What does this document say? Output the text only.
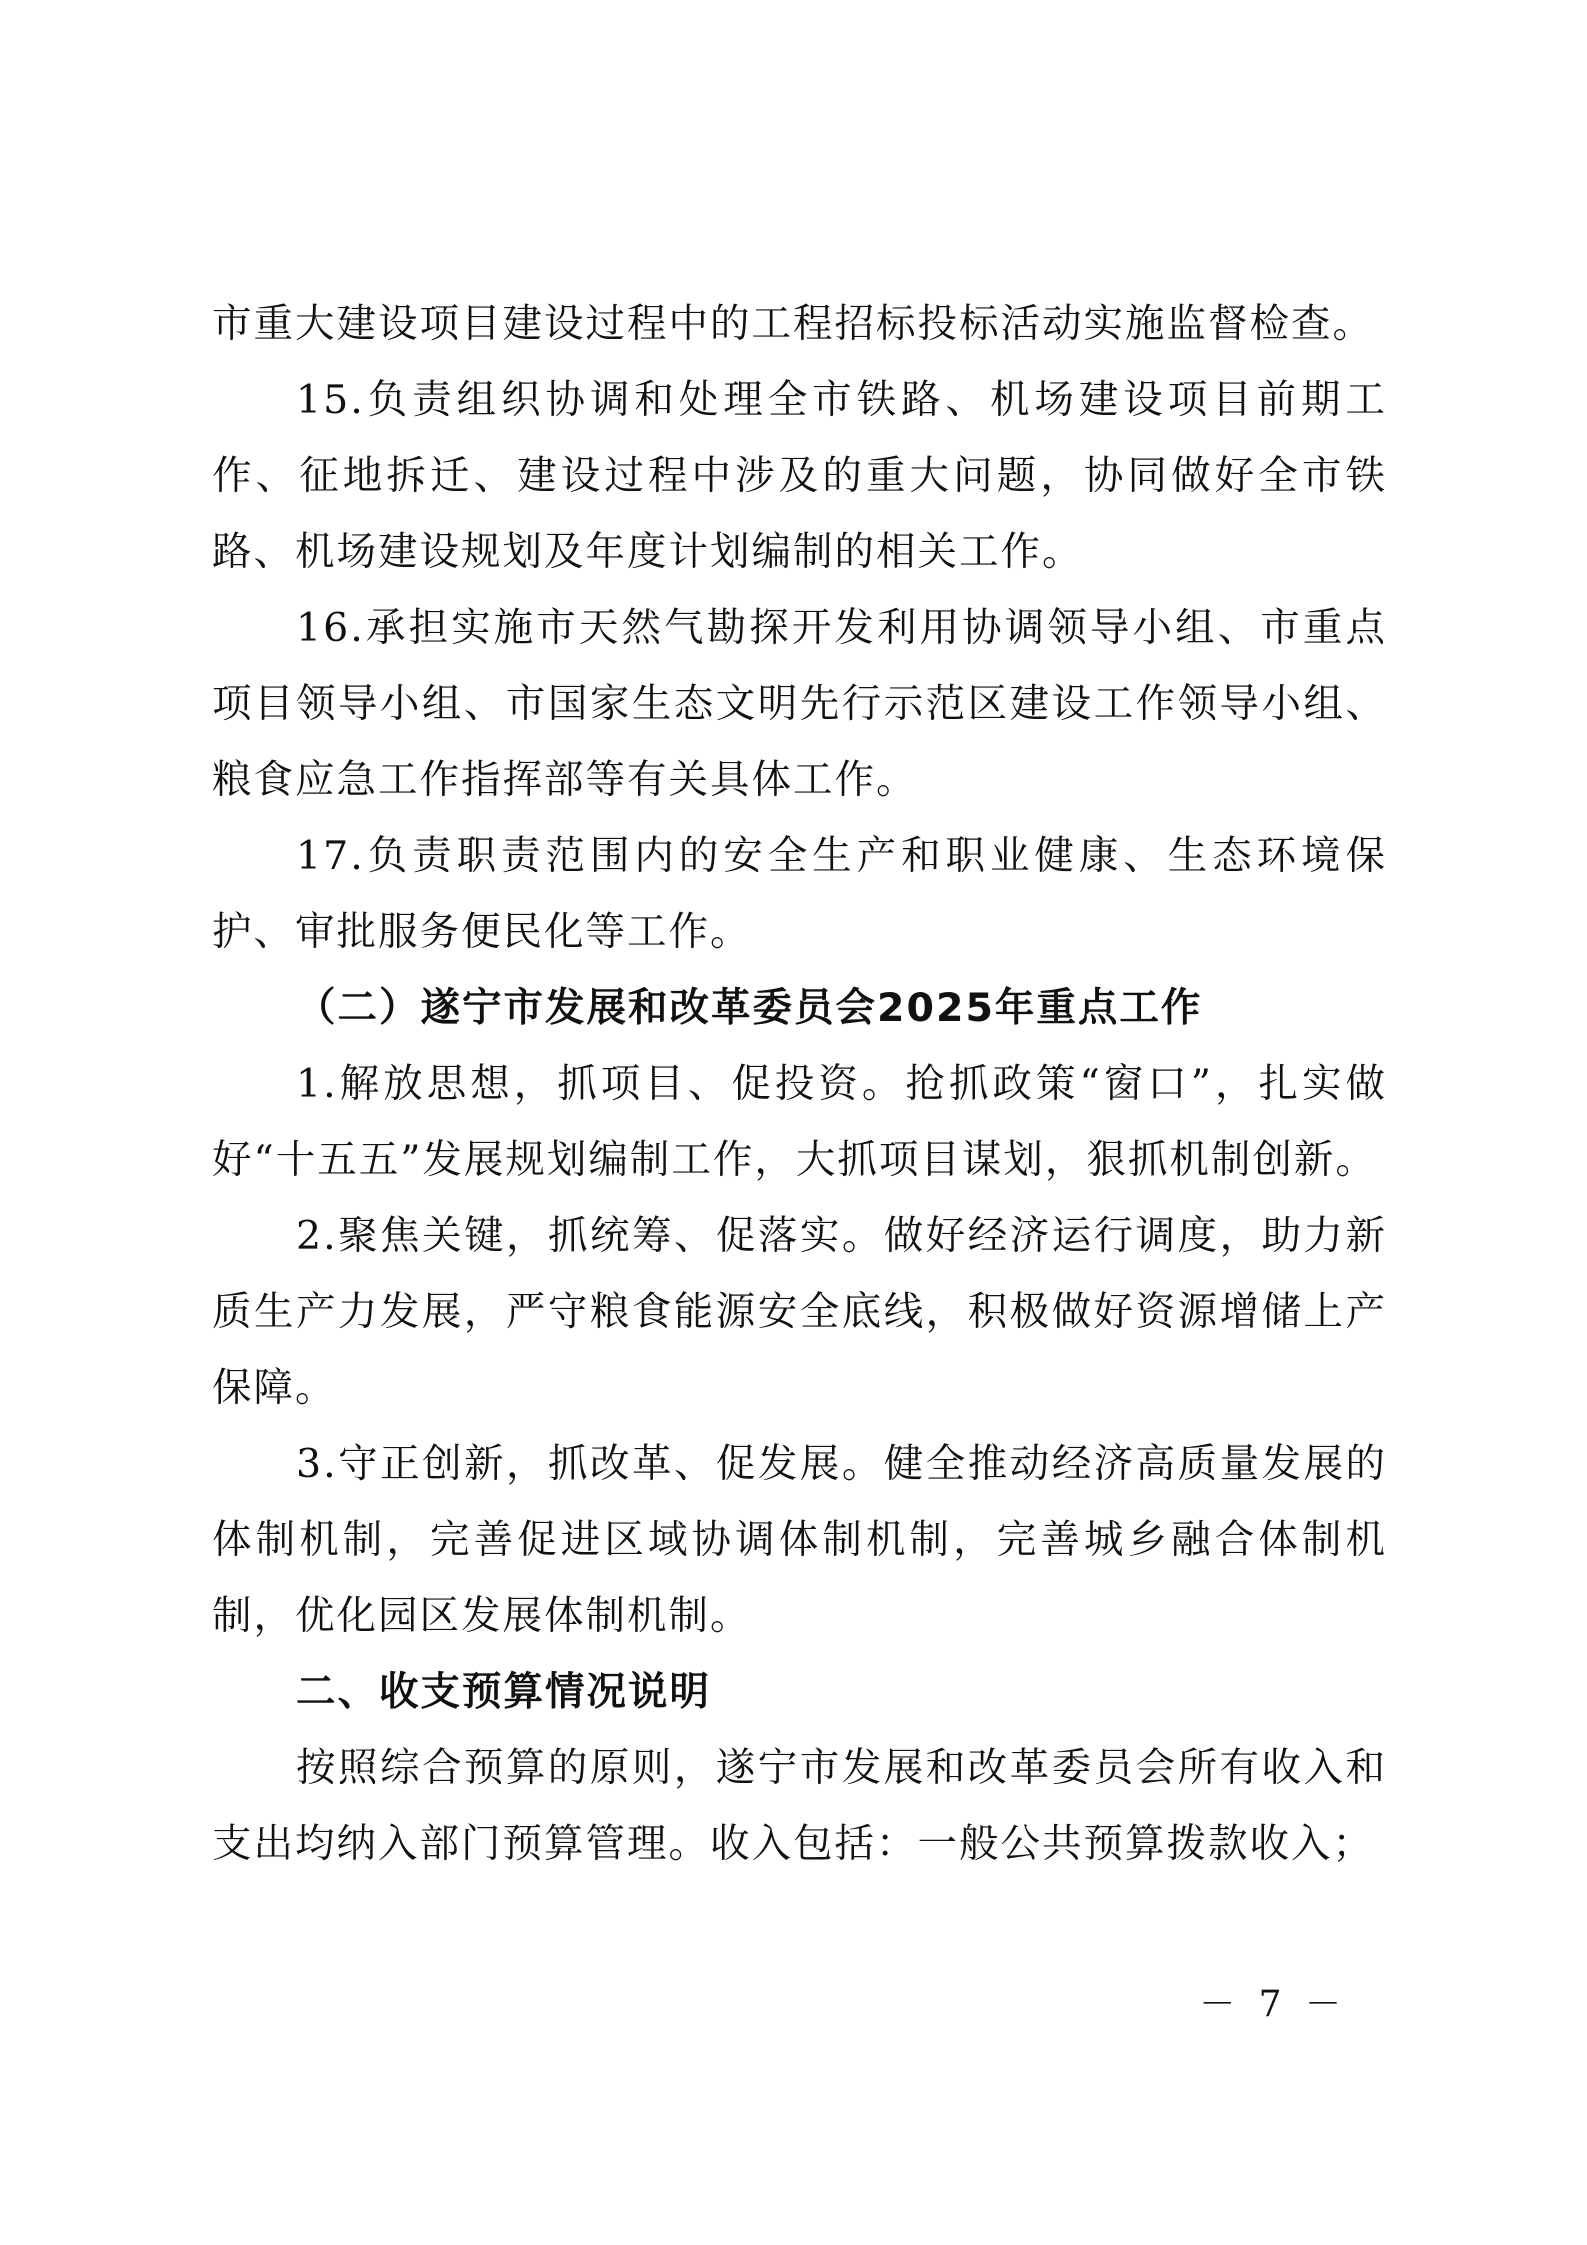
市重大建设项目建设过程中的工程招标投标活动实施监督检查。

15.负责组织协调和处理全市铁路、机场建设项目前期工作、征地拆迁、建设过程中涉及的重大问题，协同做好全市铁路、机场建设规划及年度计划编制的相关工作。

16.承担实施市天然气勘探开发利用协调领导小组、市重点项目领导小组、市国家生态文明先行示范区建设工作领导小组、粮食应急工作指挥部等有关具体工作。

17.负责职责范围内的安全生产和职业健康、生态环境保护、审批服务便民化等工作。

（二）遂宁市发展和改革委员会2025年重点工作

1.解放思想，抓项目、促投资。抢抓政策“窗口”，扎实做好“十五五”发展规划编制工作，大抓项目谋划，狠抓机制创新。

2.聚焦关键，抓统筹、促落实。做好经济运行调度，助力新质生产力发展，严守粮食能源安全底线，积极做好资源增储上产保障。

3.守正创新，抓改革、促发展。健全推动经济高质量发展的体制机制，完善促进区域协调体制机制，完善城乡融合体制机制，优化园区发展体制机制。

二、收支预算情况说明

按照综合预算的原则，遂宁市发展和改革委员会所有收入和支出均纳入部门预算管理。收入包括：一般公共预算拨款收入；

－ 7 －
